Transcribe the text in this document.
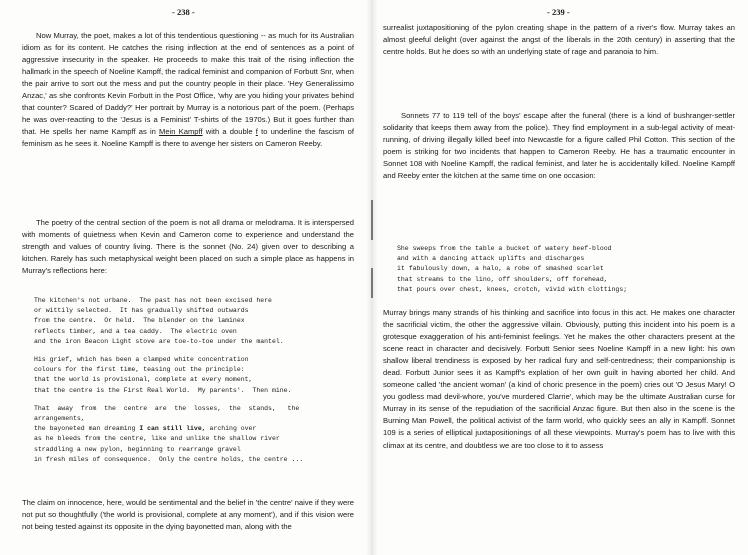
- 238 -

Now Murray, the poet, makes a lot of this tendentious questioning -- as much for its Australian idiom as for its content. He catches the rising inflection at the end of sentences as a point of aggressive insecurity in the speaker. He proceeds to make this trait of the rising inflection the hallmark in the speech of Noeline Kampff, the radical feminist and companion of Forbutt Snr, when the pair arrive to sort out the mess and put the country people in their place. 'Hey Generalissimo Anzac,' as she confronts Kevin Forbutt in the Post Office, 'why are you hiding your privates behind that counter? Scared of Daddy?' Her portrait by Murray is a notorious part of the poem. (Perhaps he was over-reacting to the 'Jesus is a Feminist' T-shirts of the 1970s.) But it goes further than that. He spells her name Kampff as in Mein Kampff with a double f to underline the fascism of feminism as he sees it. Noeline Kampff is there to avenge her sisters on Cameron Reeby.

The poetry of the central section of the poem is not all drama or melodrama. It is interspersed with moments of quietness when Kevin and Cameron come to experience and understand the strength and values of country living. There is the sonnet (No. 24) given over to describing a kitchen. Rarely has such metaphysical weight been placed on such a simple place as happens in Murray's reflections here:

The kitchen's not urbane.  The past has not been excised here
or wittily selected.  It has gradually shifted outwards
from the centre.  Or held.  The blender on the laminex
reflects timber, and a tea caddy.  The electric oven
and the iron Beacon Light stove are toe-to-toe under the mantel.
His grief, which has been a clamped white concentration
colours for the first time, teasing out the principle:
that the world is provisional, complete at every moment,
that the centre is the First Real World.  My parents'.  Then mine.
That  away  from  the  centre  are  the  losses,  the  stands,   the
arrangements,
the bayoneted man dreaming I can still live, arching over
as he bleeds from the centre, like and unlike the shallow river
straddling a new pylon, beginning to rearrange gravel
in fresh miles of consequence.  Only the centre holds, the centre ...

The claim on innocence, here, would be sentimental and the belief in 'the centre' naive if they were not put so thoughtfully ('the world is provisional, complete at any moment'), and if this vision were not being tested against its opposite in the dying bayonetted man, along with the

- 239 -

surrealist juxtapositioning of the pylon creating shape in the pattern of a river's flow. Murray takes an almost gleeful delight (over against the angst of the liberals in the 20th century) in asserting that the centre holds. But he does so with an underlying state of rage and paranoia to him.

Sonnets 77 to 119 tell of the boys' escape after the funeral (there is a kind of bushranger-settler solidarity that keeps them away from the police). They find employment in a sub-legal activity of meat-running, of driving illegally killed beef into Newcastle for a figure called Phil Cotton. This section of the poem is striking for two incidents that happen to Cameron Reeby. He has a traumatic encounter in Sonnet 108 with Noeline Kampff, the radical feminist, and later he is accidentally killed. Noeline Kampff and Reeby enter the kitchen at the same time on one occasion:

She sweeps from the table a bucket of watery beef-blood
and with a dancing attack uplifts and discharges
it fabulously down, a halo, a robe of smashed scarlet
that streams to the lino, off shoulders, off forehead,
that pours over chest, knees, crotch, vivid with clottings;

Murray brings many strands of his thinking and sacrifice into focus in this act. He makes one character the sacrificial victim, the other the aggressive villain. Obviously, putting this incident into his poem is a grotesque exaggeration of his anti-feminist feelings. Yet he makes the other characters present at the scene react in character and decisively. Forbutt Senior sees Noeline Kampff in a new light: his own shallow liberal trendiness is exposed by her radical fury and self-centredness; their companionship is dead. Forbutt Junior sees it as Kampff's explation of her own guilt in having aborted her child. And someone called 'the ancient woman' (a kind of choric presence in the poem) cries out 'O Jesus Mary! O you godless mad devil-whore, you've murdered Clarrie', which may be the ultimate Australian curse for Murray in its sense of the repudiation of the sacrificial Anzac figure. But then also in the scene is the Burning Man Powell, the political activist of the farm world, who quickly sees an ally in Kampff. Sonnet 109 is a series of elliptical juxtapositionings of all these viewpoints. Murray's poem has to live with this climax at its centre, and doubtless we are too close to it to assess
